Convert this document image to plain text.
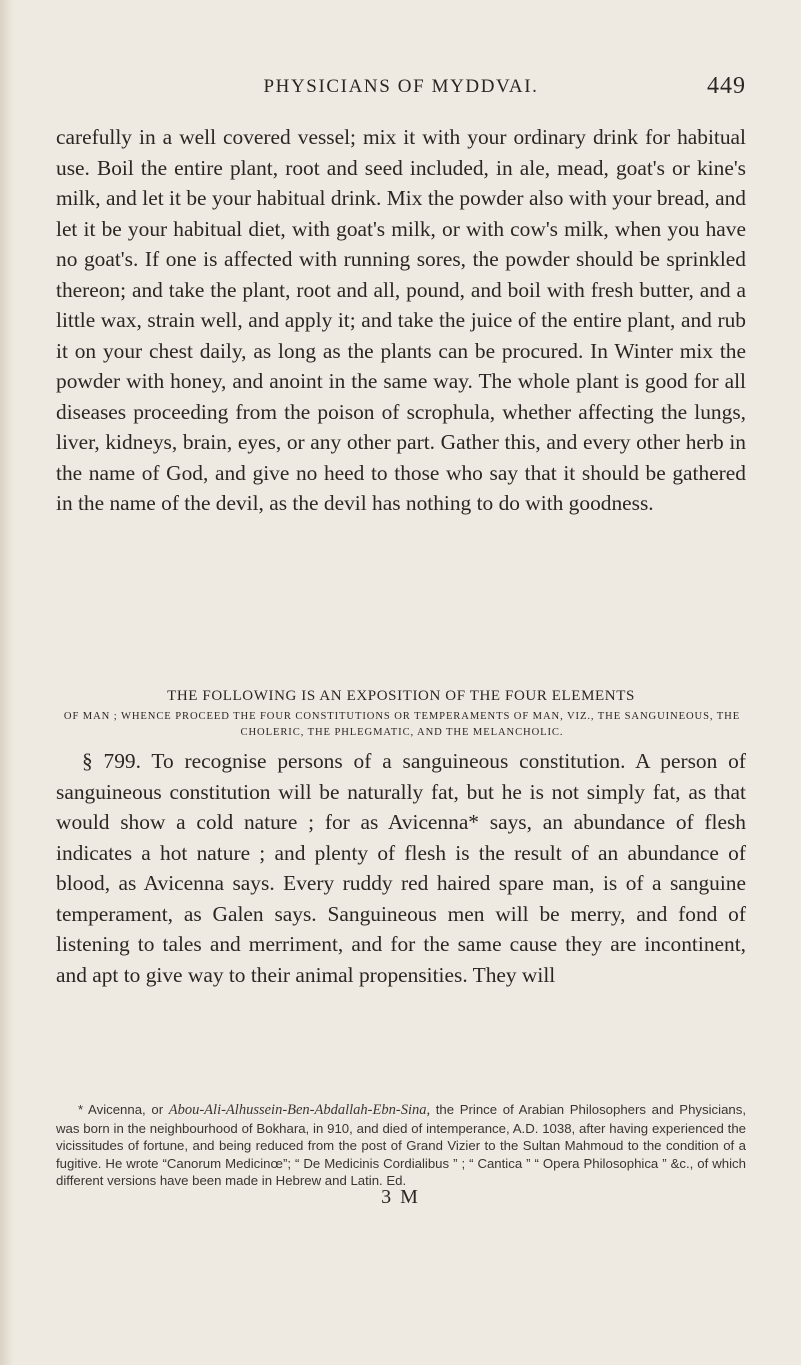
PHYSICIANS OF MYDDVAI.	449

carefully in a well covered vessel; mix it with your ordinary drink for habitual use. Boil the entire plant, root and seed included, in ale, mead, goat's or kine's milk, and let it be your habitual drink. Mix the powder also with your bread, and let it be your habitual diet, with goat's milk, or with cow's milk, when you have no goat's. If one is affected with running sores, the powder should be sprinkled thereon; and take the plant, root and all, pound, and boil with fresh butter, and a little wax, strain well, and apply it; and take the juice of the entire plant, and rub it on your chest daily, as long as the plants can be procured. In Winter mix the powder with honey, and anoint in the same way. The whole plant is good for all diseases proceeding from the poison of scrophula, whether affecting the lungs, liver, kidneys, brain, eyes, or any other part. Gather this, and every other herb in the name of God, and give no heed to those who say that it should be gathered in the name of the devil, as the devil has nothing to do with goodness.

THE FOLLOWING IS AN EXPOSITION OF THE FOUR ELEMENTS

OF MAN ; WHENCE PROCEED THE FOUR CONSTITUTIONS OR TEMPERAMENTS OF MAN, VIZ., THE SANGUINEOUS, THE CHOLERIC, THE PHLEGMATIC, AND THE MELANCHOLIC.

§ 799. To recognise persons of a sanguineous constitution. A person of sanguineous constitution will be naturally fat, but he is not simply fat, as that would show a cold nature ; for as Avicenna* says, an abundance of flesh indicates a hot nature ; and plenty of flesh is the result of an abundance of blood, as Avicenna says. Every ruddy red haired spare man, is of a sanguine temperament, as Galen says. Sanguineous men will be merry, and fond of listening to tales and merriment, and for the same cause they are incontinent, and apt to give way to their animal propensities. They will

* Avicenna, or Abou-Ali-Alhussein-Ben-Abdallah-Ebn-Sina, the Prince of Arabian Philosophers and Physicians, was born in the neighbourhood of Bokhara, in 910, and died of intemperance, A.D. 1038, after having experienced the vicissitudes of fortune, and being reduced from the post of Grand Vizier to the Sultan Mahmoud to the condition of a fugitive. He wrote “Canorum Medicinœ”; “ De Medicinis Cordialibus ” ; “ Cantica ” “ Opera Philosophica ” &c., of which different versions have been made in Hebrew and Latin. Ed.

3 M
